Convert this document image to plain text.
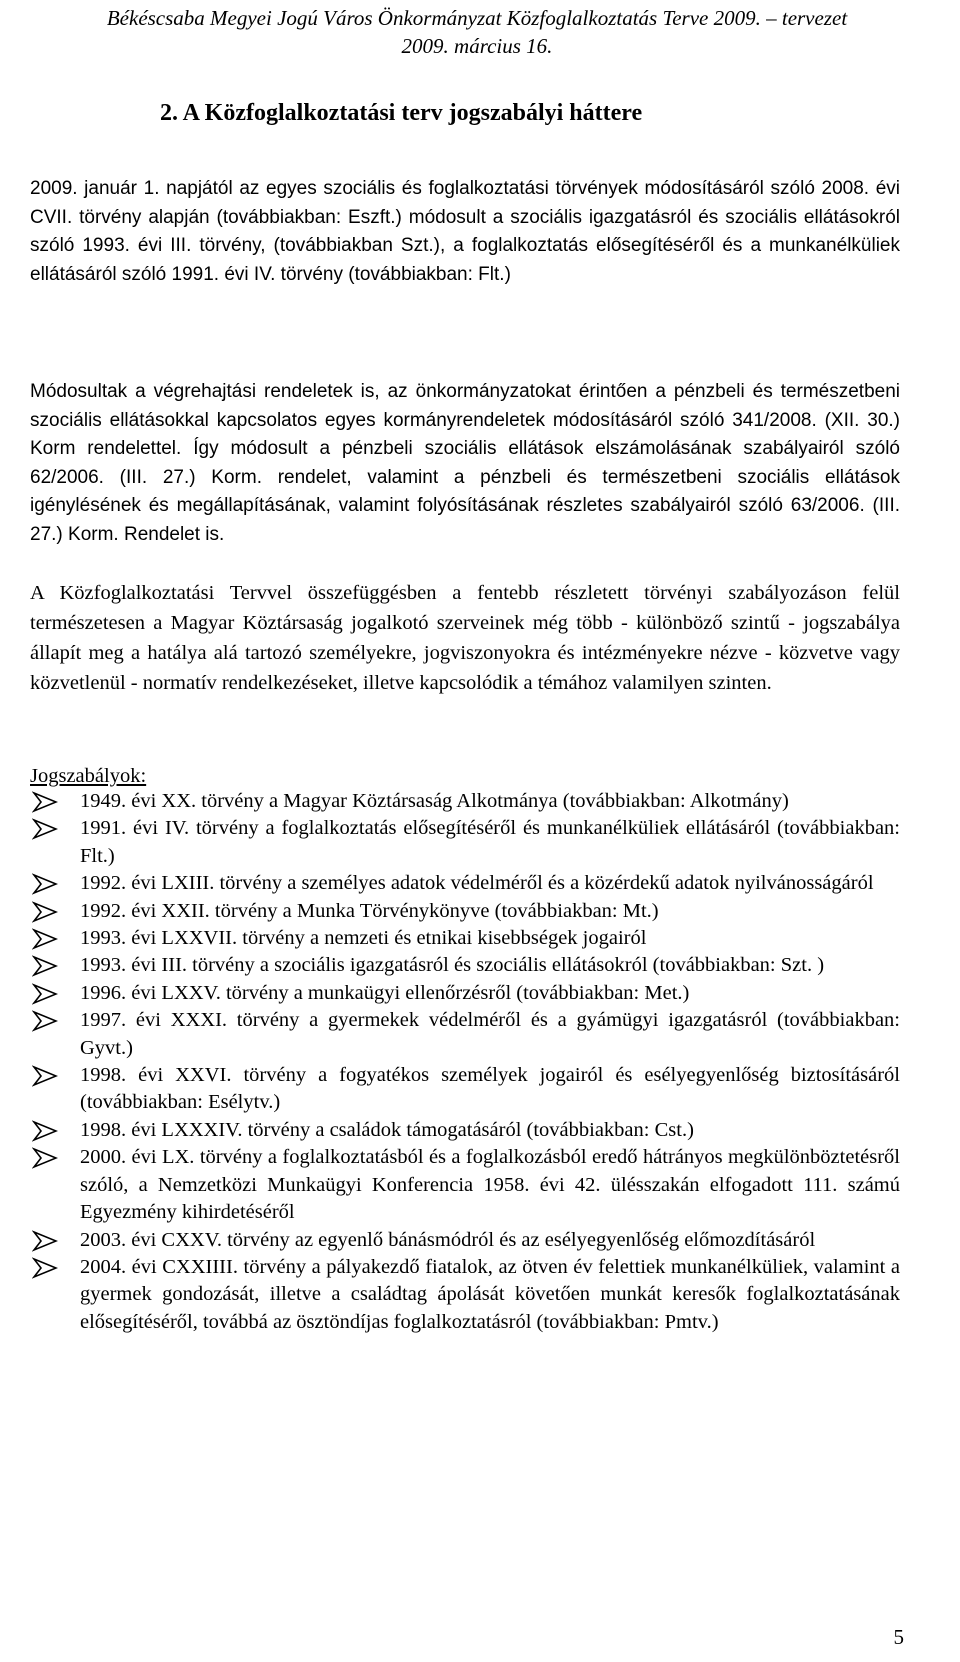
Békéscsaba Megyei Jogú Város Önkormányzat Közfoglalkoztatás Terve 2009. – tervezet
2009. március 16.
2. A Közfoglalkoztatási terv jogszabályi háttere

2009. január 1. napjától az egyes szociális és foglalkoztatási törvények módosításáról szóló 2008. évi CVII. törvény alapján (továbbiakban: Eszft.) módosult a szociális igazgatásról és szociális ellátásokról szóló 1993. évi III. törvény, (továbbiakban Szt.), a foglalkoztatás elősegítéséről és a munkanélküliek ellátásáról szóló 1991. évi IV. törvény (továbbiakban: Flt.)

Módosultak a végrehajtási rendeletek is, az önkormányzatokat érintően a pénzbeli és természetbeni szociális ellátásokkal kapcsolatos egyes kormányrendeletek módosításáról szóló 341/2008. (XII. 30.) Korm rendelettel. Így módosult a pénzbeli szociális ellátások elszámolásának szabályairól szóló 62/2006. (III. 27.) Korm. rendelet, valamint a pénzbeli és természetbeni szociális ellátások igénylésének és megállapításának, valamint folyósításának részletes szabályairól szóló 63/2006. (III. 27.) Korm. Rendelet is.

A Közfoglalkoztatási Tervvel összefüggésben a fentebb részletett törvényi szabályozáson felül természetesen a Magyar Köztársaság jogalkotó szerveinek még több - különböző szintű - jogszabálya állapít meg a hatálya alá tartozó személyekre, jogviszonyokra és intézményekre nézve - közvetve vagy közvetlenül - normatív rendelkezéseket, illetve kapcsolódik a témához valamilyen szinten.

Jogszabályok:
1949. évi XX. törvény a Magyar Köztársaság Alkotmánya (továbbiakban: Alkotmány)
1991. évi IV. törvény a foglalkoztatás elősegítéséről és munkanélküliek ellátásáról (továbbiakban: Flt.)
1992. évi LXIII. törvény a személyes adatok védelméről és a közérdekű adatok nyilvánosságáról
1992. évi XXII. törvény a Munka Törvénykönyve (továbbiakban: Mt.)
1993. évi LXXVII. törvény a nemzeti és etnikai kisebbségek jogairól
1993. évi III. törvény a szociális igazgatásról és szociális ellátásokról (továbbiakban: Szt. )
1996. évi LXXV. törvény a munkaügyi ellenőrzésről (továbbiakban: Met.)
1997. évi XXXI. törvény a gyermekek védelméről és a gyámügyi igazgatásról (továbbiakban: Gyvt.)
1998. évi XXVI. törvény a fogyatékos személyek jogairól és esélyegyenlőség biztosításáról (továbbiakban: Esélytv.)
1998. évi LXXXIV. törvény a családok támogatásáról (továbbiakban: Cst.)
2000. évi LX. törvény a foglalkoztatásból és a foglalkozásból eredő hátrányos megkülönböztetésről szóló, a Nemzetközi Munkaügyi Konferencia 1958. évi 42. ülésszakán elfogadott 111. számú Egyezmény kihirdetéséről
2003. évi CXXV. törvény az egyenlő bánásmódról és az esélyegyenlőség előmozdításáról
2004. évi CXXIIII. törvény a pályakezdő fiatalok, az ötven év felettiek munkanélküliek, valamint a gyermek gondozását, illetve a családtag ápolását követően munkát keresők foglalkoztatásának elősegítéséről, továbbá az ösztöndíjas foglalkoztatásról (továbbiakban: Pmtv.)
5
